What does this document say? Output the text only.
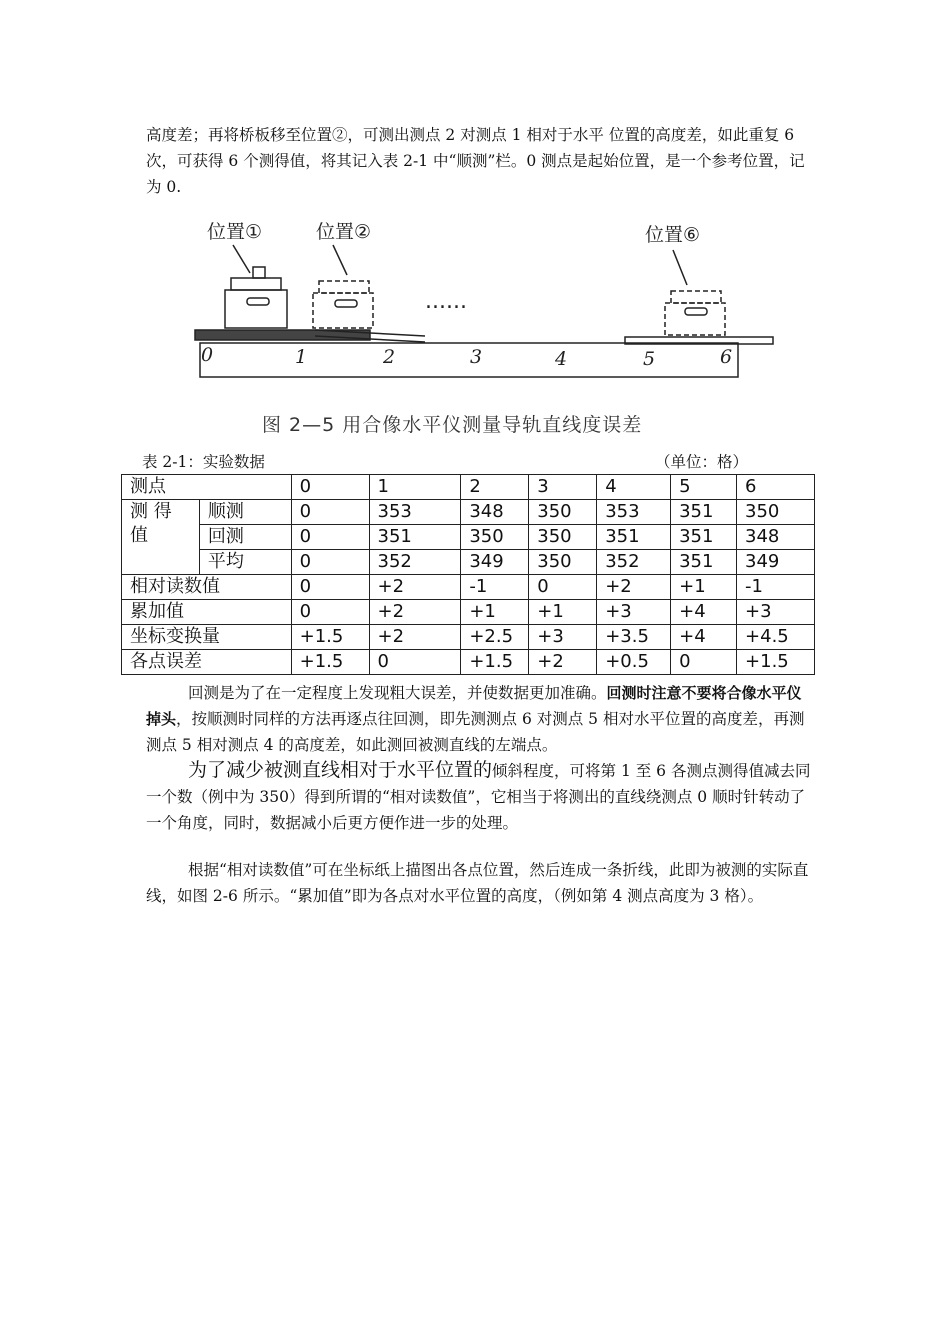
高度差；再将桥板移至位置②，可测出测点 2 对测点 1 相对于水平 位置的高度差，如此重复 6 次，可获得 6 个测得值，将其记入表 2-1 中“顺测”栏。0 测点是起始位置，是一个参考位置，记为 0.

位置①	位置②	位置⑥
......
0	1	2	3	4	5	6
图 2—5 用合像水平仪测量导轨直线度误差
表 2-1：实验数据	（单位：格）
测点		0	1	2	3	4	5	6
测 得
值	顺测	0	353	348	350	353	351	350
	回测	0	351	350	350	351	351	348
	平均	0	352	349	350	352	351	349
相对读数值		0	+2	-1	0	+2	+1	-1
累加值		0	+2	+1	+1	+3	+4	+3
坐标变换量		+1.5	+2	+2.5	+3	+3.5	+4	+4.5
各点误差		+1.5	0	+1.5	+2	+0.5	0	+1.5

回测是为了在一定程度上发现粗大误差，并使数据更加准确。回测时注意不要将合像水平仪掉头，按顺测时同样的方法再逐点往回测，即先测测点 6 对测点 5 相对水平位置的高度差，再测测点 5 相对测点 4 的高度差，如此测回被测直线的左端点。

为了减少被测直线相对于水平位置的倾斜程度，可将第 1 至 6 各测点测得值减去同一个数（例中为 350）得到所谓的“相对读数值”，它相当于将测出的直线绕测点 0 顺时针转动了一个角度，同时，数据减小后更方便作进一步的处理。

根据“相对读数值”可在坐标纸上描图出各点位置，然后连成一条折线，此即为被测的实际直线，如图 2-6 所示。“累加值”即为各点对水平位置的高度，（例如第 4 测点高度为 3 格）。
